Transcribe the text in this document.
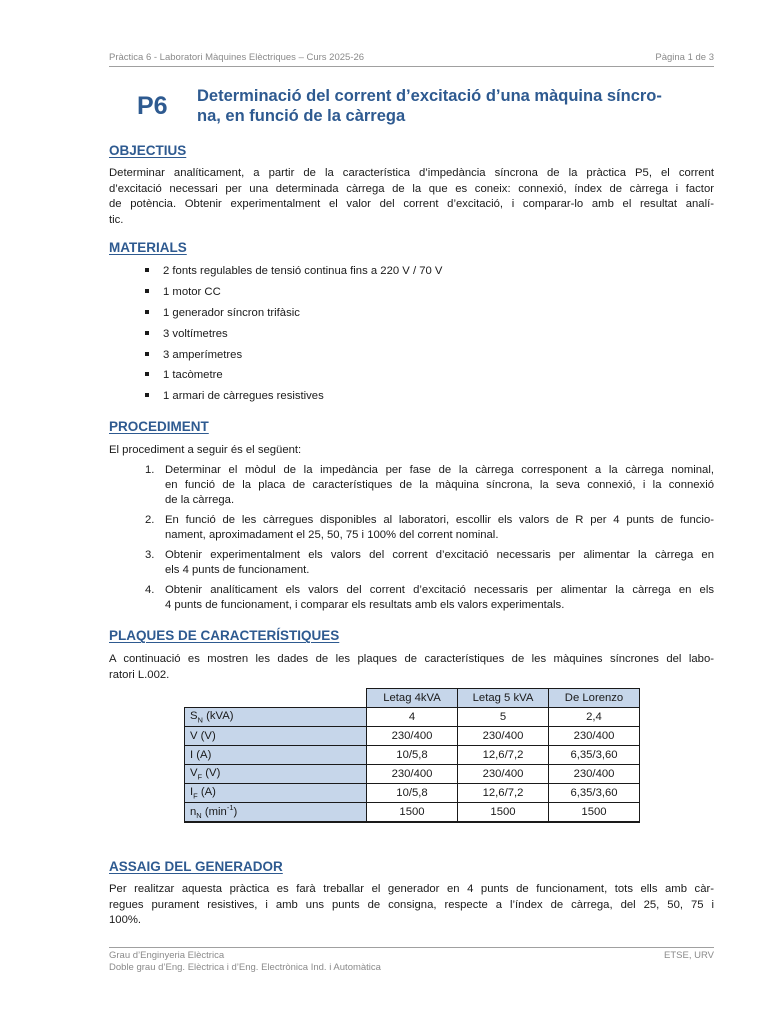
Pràctica 6 - Laboratori Màquines Elèctriques – Curs 2025-26	Pàgina 1 de 3
P6	Determinació del corrent d’excitació d’una màquina síncro-
na, en funció de la càrrega
OBJECTIUS
Determinar analíticament, a partir de la característica d’impedància síncrona de la pràctica P5, el corrent
d’excitació necessari per una determinada càrrega de la que es coneix: connexió, índex de càrrega i factor
de potència. Obtenir experimentalment el valor del corrent d’excitació, i comparar-lo amb el resultat analí-
tic.
MATERIALS
2 fonts regulables de tensió continua fins a 220 V / 70 V
1 motor CC
1 generador síncron trifàsic
3 voltímetres
3 amperímetres
1 tacòmetre
1 armari de càrregues resistives
PROCEDIMENT
El procediment a seguir és el següent:
1. Determinar el mòdul de la impedància per fase de la càrrega corresponent a la càrrega nominal,
en funció de la placa de característiques de la màquina síncrona, la seva connexió, i la connexió
de la càrrega.
2. En funció de les càrregues disponibles al laboratori, escollir els valors de R per 4 punts de funcio-
nament, aproximadament el 25, 50, 75 i 100% del corrent nominal.
3. Obtenir experimentalment els valors del corrent d’excitació necessaris per alimentar la càrrega en
els 4 punts de funcionament.
4. Obtenir analíticament els valors del corrent d’excitació necessaris per alimentar la càrrega en els
4 punts de funcionament, i comparar els resultats amb els valors experimentals.
PLAQUES DE CARACTERÍSTIQUES
A continuació es mostren les dades de les plaques de característiques de les màquines síncrones del labo-
ratori L.002.
	Letag 4kVA	Letag 5 kVA	De Lorenzo
$S_N$ (kVA)	4	5	2,4
V (V)	230/400	230/400	230/400
I (A)	10/5,8	12,6/7,2	6,35/3,60
$V_F$ (V)	230/400	230/400	230/400
$I_F$ (A)	10/5,8	12,6/7,2	6,35/3,60
$n_N$ $(\min^{-1})$	1500	1500	1500
ASSAIG DEL GENERADOR
Per realitzar aquesta pràctica es farà treballar el generador en 4 punts de funcionament, tots ells amb càr-
regues purament resistives, i amb uns punts de consigna, respecte a l’índex de càrrega, del 25, 50, 75 i
100%.
Grau d’Enginyeria Elèctrica
Doble grau d’Eng. Elèctrica i d’Eng. Electrònica Ind. i Automàtica
ETSE, URV
